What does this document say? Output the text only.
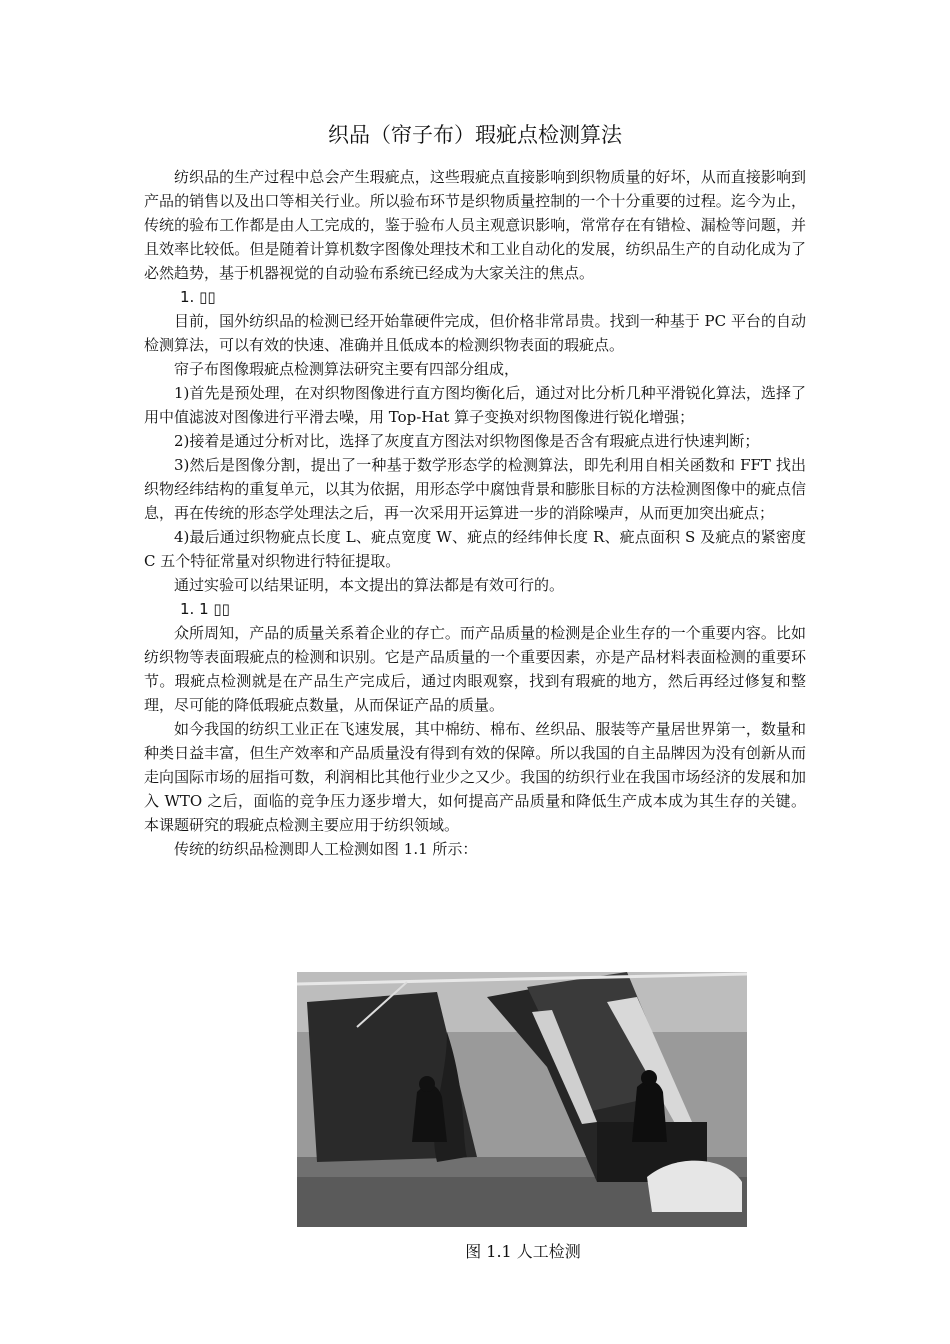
织品（帘子布）瑕疵点检测算法

纺织品的生产过程中总会产生瑕疵点，这些瑕疵点直接影响到织物质量的好坏，从而直接影响到产品的销售以及出口等相关行业。所以验布环节是织物质量控制的一个十分重要的过程。迄今为止，传统的验布工作都是由人工完成的，鉴于验布人员主观意识影响，常常存在有错检、漏检等问题，并且效率比较低。但是随着计算机数字图像处理技术和工业自动化的发展，纺织品生产的自动化成为了必然趋势，基于机器视觉的自动验布系统已经成为大家关注的焦点。

1. ▯▯

目前，国外纺织品的检测已经开始靠硬件完成，但价格非常昂贵。找到一种基于 PC 平台的自动检测算法，可以有效的快速、准确并且低成本的检测织物表面的瑕疵点。

帘子布图像瑕疵点检测算法研究主要有四部分组成，

1)首先是预处理，在对织物图像进行直方图均衡化后，通过对比分析几种平滑锐化算法，选择了用中值滤波对图像进行平滑去噪，用 Top-Hat 算子变换对织物图像进行锐化增强；

2)接着是通过分析对比，选择了灰度直方图法对织物图像是否含有瑕疵点进行快速判断；

3)然后是图像分割，提出了一种基于数学形态学的检测算法，即先利用自相关函数和 FFT 找出织物经纬结构的重复单元，以其为依据，用形态学中腐蚀背景和膨胀目标的方法检测图像中的疵点信息，再在传统的形态学处理法之后，再一次采用开运算进一步的消除噪声，从而更加突出疵点；

4)最后通过织物疵点长度 L、疵点宽度 W、疵点的经纬伸长度 R、疵点面积 S 及疵点的紧密度 C 五个特征常量对织物进行特征提取。

通过实验可以结果证明，本文提出的算法都是有效可行的。

1. 1 ▯▯

众所周知，产品的质量关系着企业的存亡。而产品质量的检测是企业生存的一个重要内容。比如纺织物等表面瑕疵点的检测和识别。它是产品质量的一个重要因素，亦是产品材料表面检测的重要环节。瑕疵点检测就是在产品生产完成后，通过肉眼观察，找到有瑕疵的地方，然后再经过修复和整理，尽可能的降低瑕疵点数量，从而保证产品的质量。

如今我国的纺织工业正在飞速发展，其中棉纺、棉布、丝织品、服装等产量居世界第一，数量和种类日益丰富，但生产效率和产品质量没有得到有效的保障。所以我国的自主品牌因为没有创新从而走向国际市场的屈指可数，利润相比其他行业少之又少。我国的纺织行业在我国市场经济的发展和加入 WTO 之后，面临的竞争压力逐步增大，如何提高产品质量和降低生产成本成为其生存的关键。本课题研究的瑕疵点检测主要应用于纺织领域。

传统的纺织品检测即人工检测如图 1.1 所示：

图 1.1 人工检测
